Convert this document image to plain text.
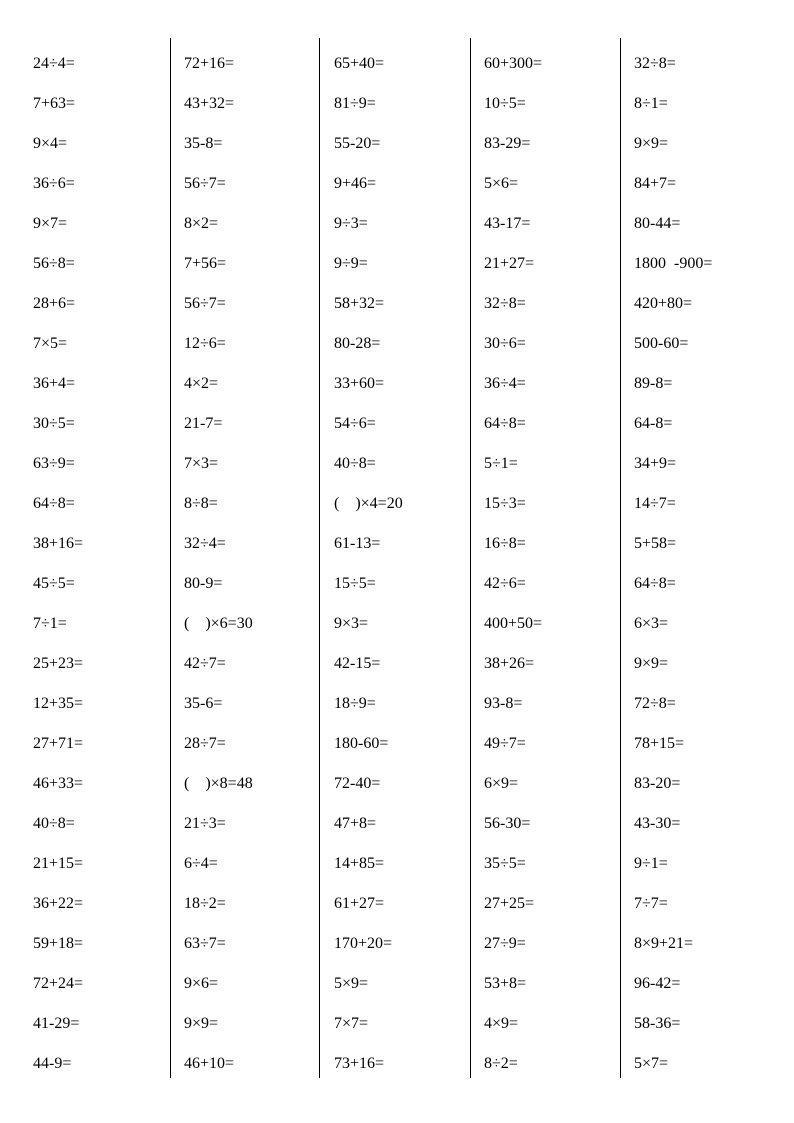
24÷4=
7+63=
9×4=
36÷6=
9×7=
56÷8=
28+6=
7×5=
36+4=
30÷5=
63÷9=
64÷8=
38+16=
45÷5=
7÷1=
25+23=
12+35=
27+71=
46+33=
40÷8=
21+15=
36+22=
59+18=
72+24=
41-29=
44-9=
72+16=
43+32=
35-8=
56÷7=
8×2=
7+56=
56÷7=
12÷6=
4×2=
21-7=
7×3=
8÷8=
32÷4=
80-9=
(    )×6=30
42÷7=
35-6=
28÷7=
(    )×8=48
21÷3=
6÷4=
18÷2=
63÷7=
9×6=
9×9=
46+10=
65+40=
81÷9=
55-20=
9+46=
9÷3=
9÷9=
58+32=
80-28=
33+60=
54÷6=
40÷8=
(    )×4=20
61-13=
15÷5=
9×3=
42-15=
18÷9=
180-60=
72-40=
47+8=
14+85=
61+27=
170+20=
5×9=
7×7=
73+16=
60+300=
10÷5=
83-29=
5×6=
43-17=
21+27=
32÷8=
30÷6=
36÷4=
64÷8=
5÷1=
15÷3=
16÷8=
42÷6=
400+50=
38+26=
93-8=
49÷7=
6×9=
56-30=
35÷5=
27+25=
27÷9=
53+8=
4×9=
8÷2=
32÷8=
8÷1=
9×9=
84+7=
80-44=
1800  -900=
420+80=
500-60=
89-8=
64-8=
34+9=
14÷7=
5+58=
64÷8=
6×3=
9×9=
72÷8=
78+15=
83-20=
43-30=
9÷1=
7÷7=
8×9+21=
96-42=
58-36=
5×7=
